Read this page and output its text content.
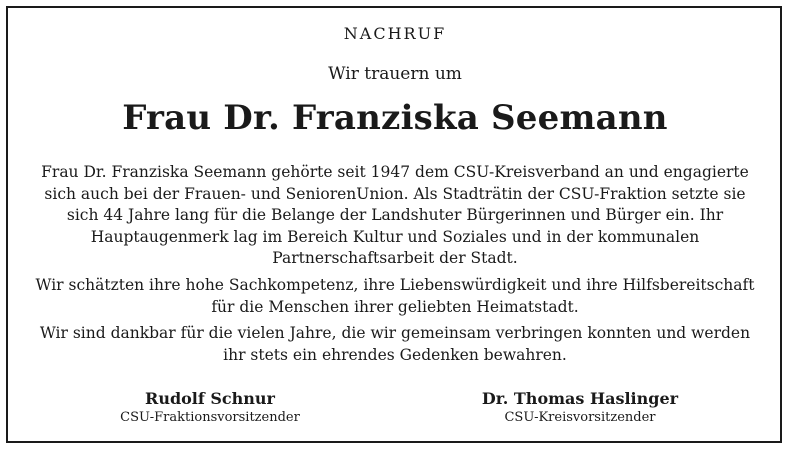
NACHRUF
Wir trauern um
Frau Dr. Franziska Seemann
Frau Dr. Franziska Seemann gehörte seit 1947 dem CSU-Kreisverband an und engagierte sich auch bei der Frauen- und SeniorenUnion. Als Stadträtin der CSU-Fraktion setzte sie sich 44 Jahre lang für die Belange der Landshuter Bürgerinnen und Bürger ein. Ihr Hauptaugenmerk lag im Bereich Kultur und Soziales und in der kommunalen Partnerschaftsarbeit der Stadt.
Wir schätzten ihre hohe Sachkompetenz, ihre Liebenswürdigkeit und ihre Hilfsbereitschaft für die Menschen ihrer geliebten Heimatstadt.
Wir sind dankbar für die vielen Jahre, die wir gemeinsam verbringen konnten und werden ihr stets ein ehrendes Gedenken bewahren.
Rudolf Schnur
CSU-Fraktionsvorsitzender
Dr. Thomas Haslinger
CSU-Kreisvorsitzender
